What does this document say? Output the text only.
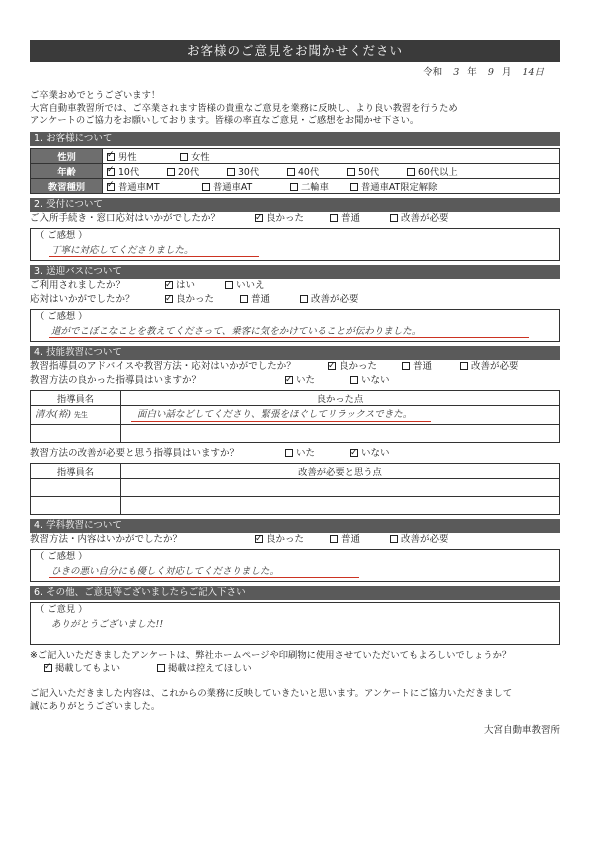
お客様のご意見をお聞かせください
令和 3 年 9 月 14日
ご卒業おめでとうございます！
大宮自動車教習所では、ご卒業されます皆様の貴重なご意見を業務に反映し、より良い教習を行うため
アンケートのご協力をお願いしております。皆様の率直なご意見・ご感想をお聞かせ下さい。
1. お客様について
性別	✓男性 女性
年齢	✓10代 20代 30代 40代 50代 60代以上
教習種別	✓普通車MT 普通車AT 二輪車 普通車AT限定解除
2. 受付について
ご入所手続き・窓口応対はいかがでしたか？ ✓	良かった	普通	改善が必要
（ ご感想 ）
丁寧に対応してくださりました。
3. 送迎バスについて
ご利用されましたか？ ✓	はい	いいえ
応対はいかがでしたか？ ✓	良かった	普通	改善が必要
（ ご感想 ）
道がでこぼこなことを教えてくださって、乗客に気をかけていることが伝わりました。
4. 技能教習について
教習指導員のアドバイスや教習方法・応対はいかがでしたか？ ✓	良かった	普通	改善が必要
教習方法の良かった指導員はいますか？ ✓	いた	いない
指導員名	良かった点
清水(裕) 先生	面白い話などしてくださり、緊張をほぐしてリラックスできた。

教習方法の改善が必要と思う指導員はいますか？	いた ✓	いない
指導員名	改善が必要と思う点

4. 学科教習について
教習方法・内容はいかがでしたか？ ✓	良かった	普通	改善が必要
（ ご感想 ）
ひきの悪い自分にも優しく対応してくださりました。
6. その他、ご意見等ございましたらご記入下さい
（ ご意見 ）
ありがとうございました!!
※ご記入いただきましたアンケートは、弊社ホームページや印刷物に使用させていただいてもよろしいでしょうか？
✓掲載してもよい	掲載は控えてほしい
ご記入いただきました内容は、これからの業務に反映していきたいと思います。アンケートにご協力いただきまして
誠にありがとうございました。
大宮自動車教習所
